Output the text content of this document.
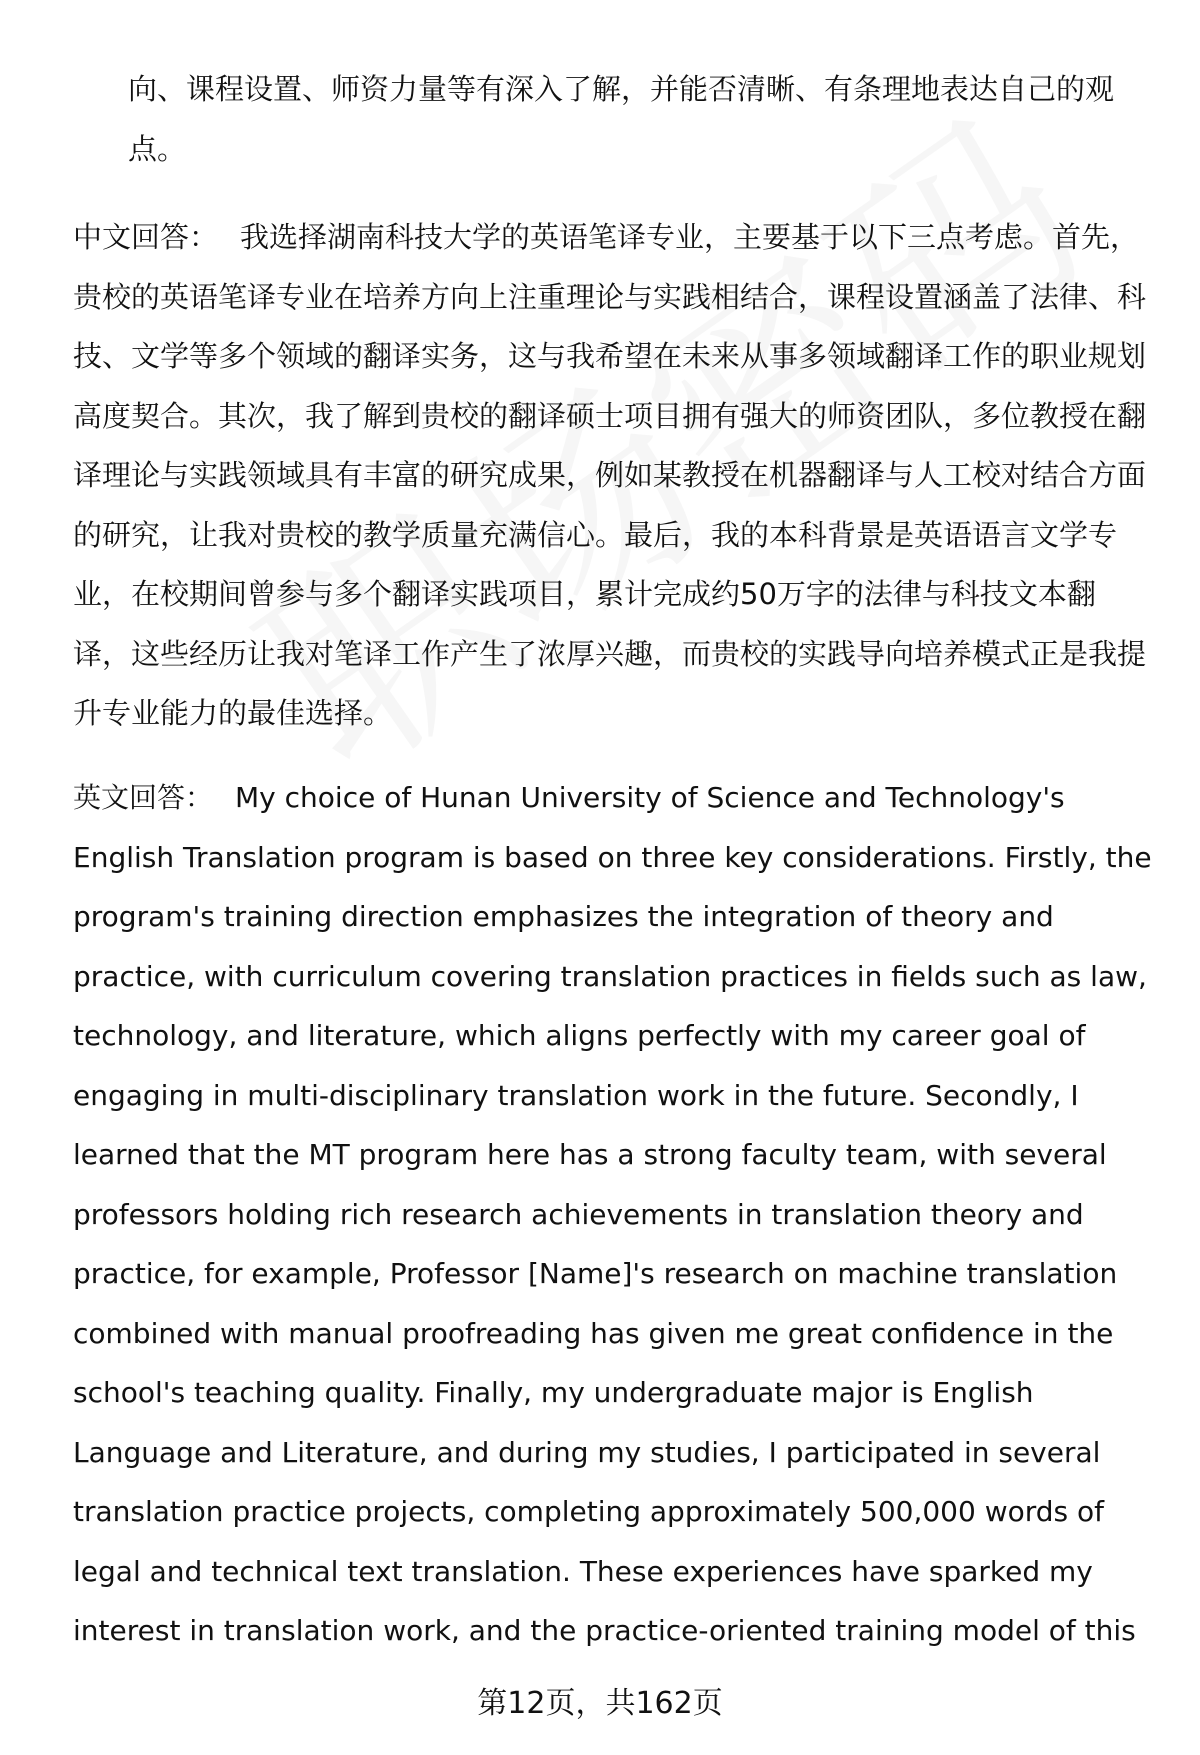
向、课程设置、师资力量等有深入了解，并能否清晰、有条理地表达自己的观点。

中文回答： 我选择湖南科技大学的英语笔译专业，主要基于以下三点考虑。首先，贵校的英语笔译专业在培养方向上注重理论与实践相结合，课程设置涵盖了法律、科技、文学等多个领域的翻译实务，这与我希望在未来从事多领域翻译工作的职业规划高度契合。其次，我了解到贵校的翻译硕士项目拥有强大的师资团队，多位教授在翻译理论与实践领域具有丰富的研究成果，例如某教授在机器翻译与人工校对结合方面的研究，让我对贵校的教学质量充满信心。最后，我的本科背景是英语语言文学专业，在校期间曾参与多个翻译实践项目，累计完成约50万字的法律与科技文本翻译，这些经历让我对笔译工作产生了浓厚兴趣，而贵校的实践导向培养模式正是我提升专业能力的最佳选择。

英文回答： My choice of Hunan University of Science and Technology's English Translation program is based on three key considerations. Firstly, the program's training direction emphasizes the integration of theory and practice, with curriculum covering translation practices in fields such as law, technology, and literature, which aligns perfectly with my career goal of engaging in multi-disciplinary translation work in the future. Secondly, I learned that the MT program here has a strong faculty team, with several professors holding rich research achievements in translation theory and practice, for example, Professor [Name]'s research on machine translation combined with manual proofreading has given me great confidence in the school's teaching quality. Finally, my undergraduate major is English Language and Literature, and during my studies, I participated in several translation practice projects, completing approximately 500,000 words of legal and technical text translation. These experiences have sparked my interest in translation work, and the practice-oriented training model of this

第12页，共162页
